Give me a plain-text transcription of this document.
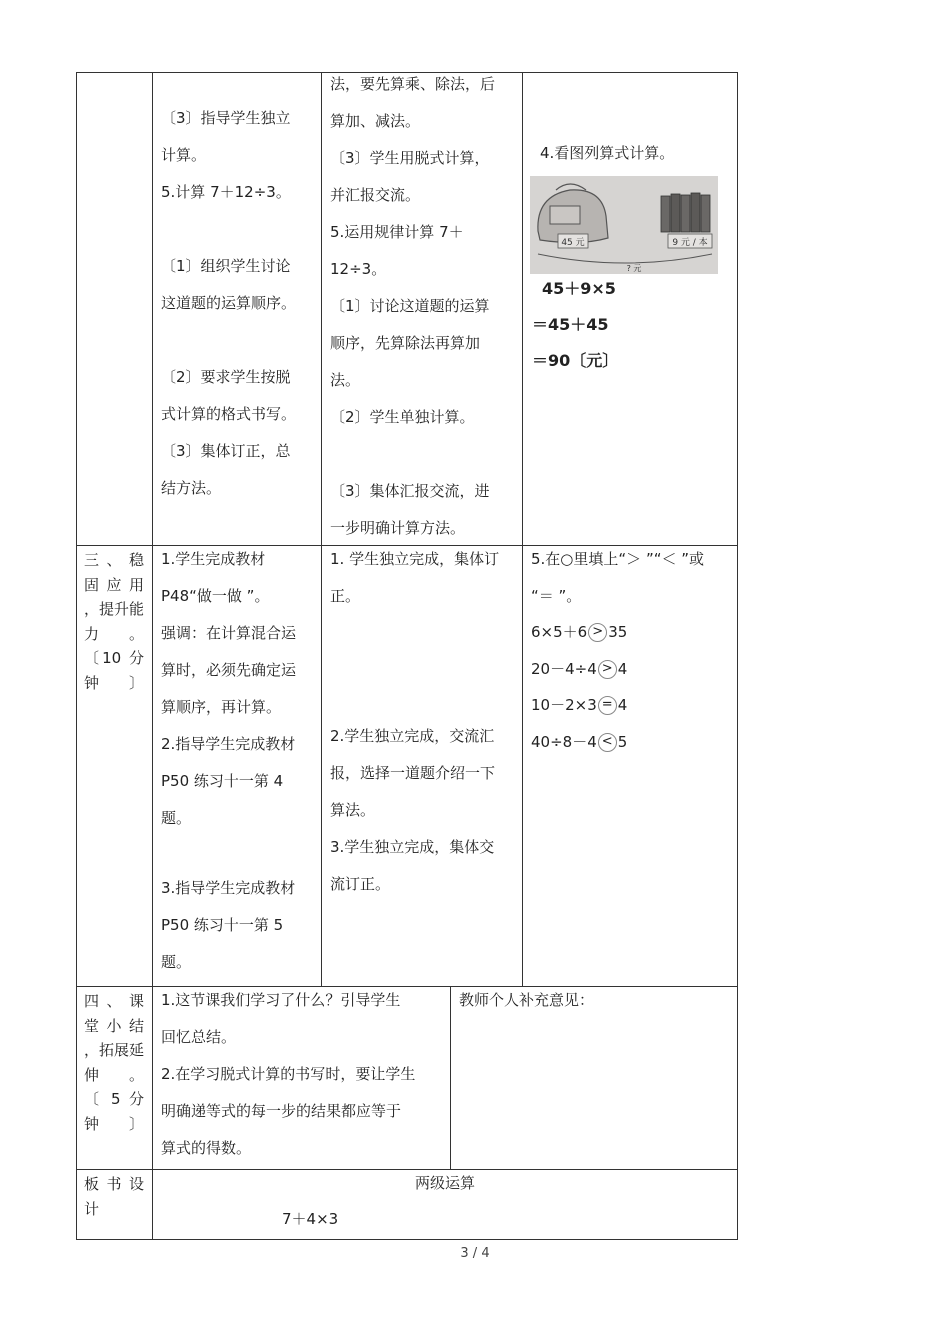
〔3〕指导学生独立

计算。

5.计算 7＋12÷3。

〔1〕组织学生讨论

这道题的运算顺序。

〔2〕要求学生按脱

式计算的格式书写。

〔3〕集体订正，总

结方法。

法，要先算乘、除法，后

算加、减法。

〔3〕学生用脱式计算，

并汇报交流。

5.运用规律计算 7＋

12÷3。

〔1〕讨论这道题的运算

顺序，先算除法再算加

法。

〔2〕学生单独计算。

〔3〕集体汇报交流，进

一步明确计算方法。

4.看图列算式计算。
45 元	9 元 / 本
? 元

45＋9×5

＝45＋45

＝90〔元〕

三、稳

固应用

，提升能

力 。

〔10 分

钟〕

1.学生完成教材

P48“做一做 ”。

强调：在计算混合运

算时，必须先确定运

算顺序，再计算。

2.指导学生完成教材

P50 练习十一第 4

题。

3.指导学生完成教材

P50 练习十一第 5

题。

1. 学生独立完成，集体订

正。

2.学生独立完成，交流汇

报，选择一道题介绍一下

算法。

3.学生独立完成，集体交

流订正。

5.在○里填上“＞ ”“＜ ”或

“＝ ”。

6×5＋6 > 35

20－4÷4 > 4

10－2×3 = 4

40÷8－4 < 5

四、课

堂小结

，拓展延

伸 。

〔 5 分

钟〕

1.这节课我们学习了什么？引导学生

回忆总结。

2.在学习脱式计算的书写时，要让学生

明确递等式的每一步的结果都应等于

算式的得数。

教师个人补充意见：

板书设

计

两级运算
7＋4×3
3 / 4
